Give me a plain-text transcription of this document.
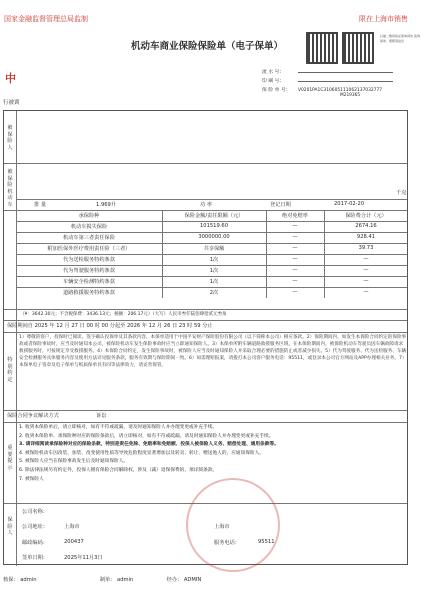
国家金融监督管理总局监制	限在上海市销售
机动车商业保险保险单（电子保单）
扫描二维码验证保单真伪 查询保单、理赔等信息
流 水 号：
印 刷 号：
保 险 单 号： V0201PA1C310605111062137032777
M219365
中
行被训
被保险人
被保险机动车
千克
排 量	1.969升	功 率	登记日期	2017-02-20
承保险种	保险金额/责任限额（元）	绝对免赔率	保险费合计（元）
机动车损失保险	101519.60	—	2674.16
机动车第三者责任保险	3000000.00	—	928.41
附加医保外医疗费用责任险（三者）	共享保额	—	39.73
代为送检服务特约条款	1次	—	—
代为驾驶服务特约条款	1次	—	—
车辆安全检测特约条款	1次	—	—
道路救援服务特约条款	2次	—	—
（¥：3642.30元；不含税保费：3436.13元；税额：206.17元）（大写）人民币叁仟陆佰肆拾贰元叁角
保险期间自 2025 年 12 月 27 日 00 时 00 分起至 2026 年 12 月 26 日 23 时 59 分止
特别约定
1）尊敬的客户，投保时已阅读、签字确认投保单及其条款内容，本保单适用于中国平安财产保险股份有限公司（以下简称本公司）相应条款。2）保险期间内，如发生本保险合同约定的保险事故或者保险事故时，应当及时通知本公司，被保险机动车发生保险事故时应当立即通知保险人。3）本保单所附车辆道路救援服务区域，在本保险期间内，被保险机动车驾驶员因车辆故障请求救援服务时，可按规定享受救援服务。4）本保险合同约定，发生保险事故时，被保险人应当及时通知保险人并采取合理必要的措施防止或者减少损失。5）代为驾驶服务、代为送检服务、车辆安全检测服务具体服务内容及使用方法详见服务条款，服务有效期与保险期间一致。6）如需理赔报案，请拨打本公司客户服务电话：95511，或登录本公司官方网站及APP办理相关业务。7）本保单电子签章及电子保单与纸质保单具有同等法律效力，请妥善保管。
保险合同争议解决方式	诉讼
重要提示
1. 收到本保险单后，请立即核对，如有不符或疏漏，请及时通知保险人并办理变更或补充手续。
2. 收到本保险单、承保险种对应的保险条款后，请立即核对，如有不符或疏漏，请及时通知保险人并办理变更或补充手续。
3. 请详细阅读承保险种对应的保险条款，特别是责任免除、免赔率和免赔额、投保人被保险人义务、赔偿处理、通用条款等。
4. 被保险机动车因改装、加装、改变使用性质等导致危险程度显著增加以及转卖、转让、赠送他人的，应通知保险人。
5. 被保险人应当在保险事故发生后及时通知保险人。
6. 除法律法规另有约定外，投保人拥有保险合同解除权，涉及（减）退保保费的，须详阅条款。
7. 被保险人
保险人
公司名称：
公司地址：	上海市	上海市
邮政编码：	200437	服务电话：	95511
签单日期：	2025年11月3日
核保： admin	制单： admin	经办： ADMIN
